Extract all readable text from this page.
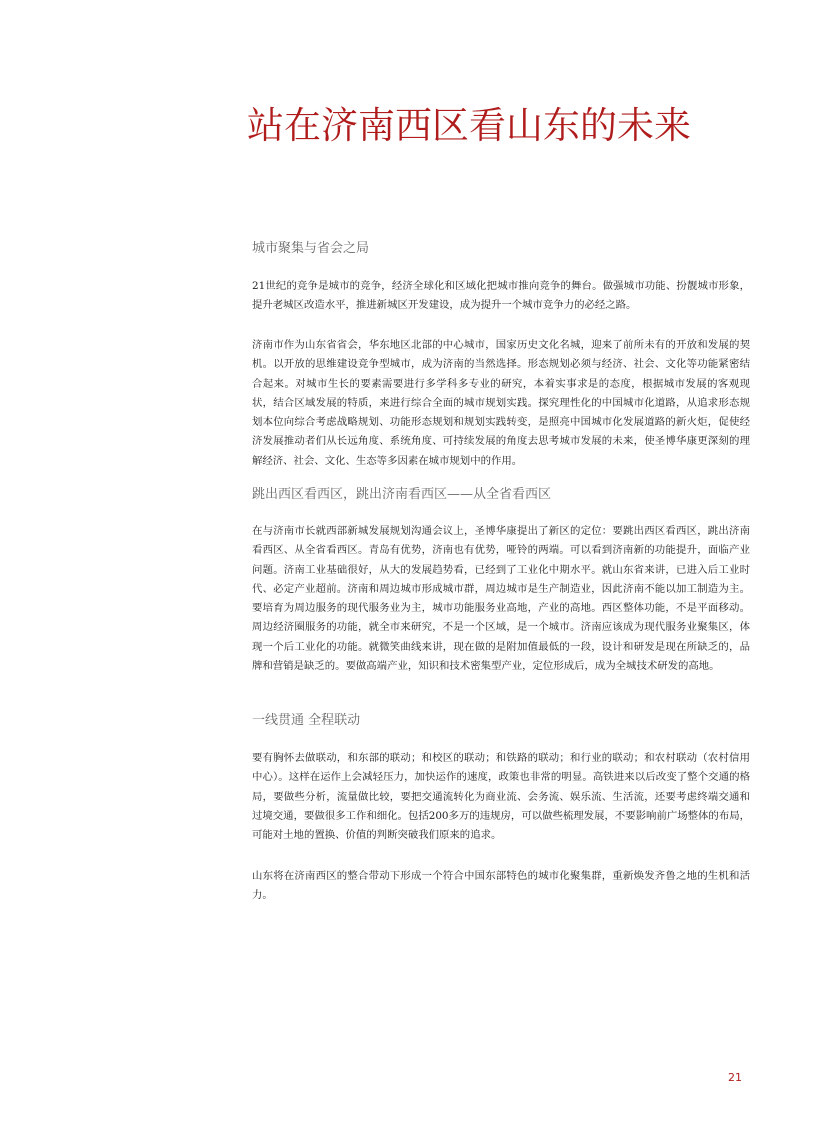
站在济南西区看山东的未来
城市聚集与省会之局

21世纪的竞争是城市的竞争，经济全球化和区域化把城市推向竞争的舞台。做强城市功能、扮靓城市形象，提升老城区改造水平，推进新城区开发建设，成为提升一个城市竞争力的必经之路。

济南市作为山东省省会，华东地区北部的中心城市，国家历史文化名城，迎来了前所未有的开放和发展的契机。以开放的思维建设竞争型城市，成为济南的当然选择。形态规划必须与经济、社会、文化等功能紧密结合起来。对城市生长的要素需要进行多学科多专业的研究，本着实事求是的态度，根据城市发展的客观现状，结合区域发展的特质，来进行综合全面的城市规划实践。探究理性化的中国城市化道路，从追求形态规划本位向综合考虑战略规划、功能形态规划和规划实践转变，是照亮中国城市化发展道路的新火炬，促使经济发展推动者们从长远角度、系统角度、可持续发展的角度去思考城市发展的未来，使圣博华康更深刻的理解经济、社会、文化、生态等多因素在城市规划中的作用。

跳出西区看西区，跳出济南看西区——从全省看西区

在与济南市长就西部新城发展规划沟通会议上，圣博华康提出了新区的定位：要跳出西区看西区，跳出济南看西区、从全省看西区。青岛有优势，济南也有优势，哑铃的两端。可以看到济南新的功能提升，面临产业问题。济南工业基础很好，从大的发展趋势看，已经到了工业化中期水平。就山东省来讲，已进入后工业时代、必定产业超前。济南和周边城市形成城市群，周边城市是生产制造业，因此济南不能以加工制造为主。要培育为周边服务的现代服务业为主，城市功能服务业高地，产业的高地。西区整体功能，不是平面移动。周边经济圈服务的功能，就全市来研究，不是一个区域，是一个城市。济南应该成为现代服务业聚集区，体现一个后工业化的功能。就微笑曲线来讲，现在做的是附加值最低的一段，设计和研发是现在所缺乏的，品牌和营销是缺乏的。要做高端产业，知识和技术密集型产业，定位形成后，成为全城技术研发的高地。

一线贯通 全程联动

要有胸怀去做联动，和东部的联动；和校区的联动；和铁路的联动；和行业的联动；和农村联动（农村信用中心）。这样在运作上会减轻压力，加快运作的速度，政策也非常的明显。高铁进来以后改变了整个交通的格局，要做些分析，流量做比较，要把交通流转化为商业流、会务流、娱乐流、生活流，还要考虑终端交通和过境交通，要做很多工作和细化。包括200多万的违规房，可以做些梳理发展，不要影响前广场整体的布局，可能对土地的置换、价值的判断突破我们原来的追求。

山东将在济南西区的整合带动下形成一个符合中国东部特色的城市化聚集群，重新焕发齐鲁之地的生机和活力。

21
